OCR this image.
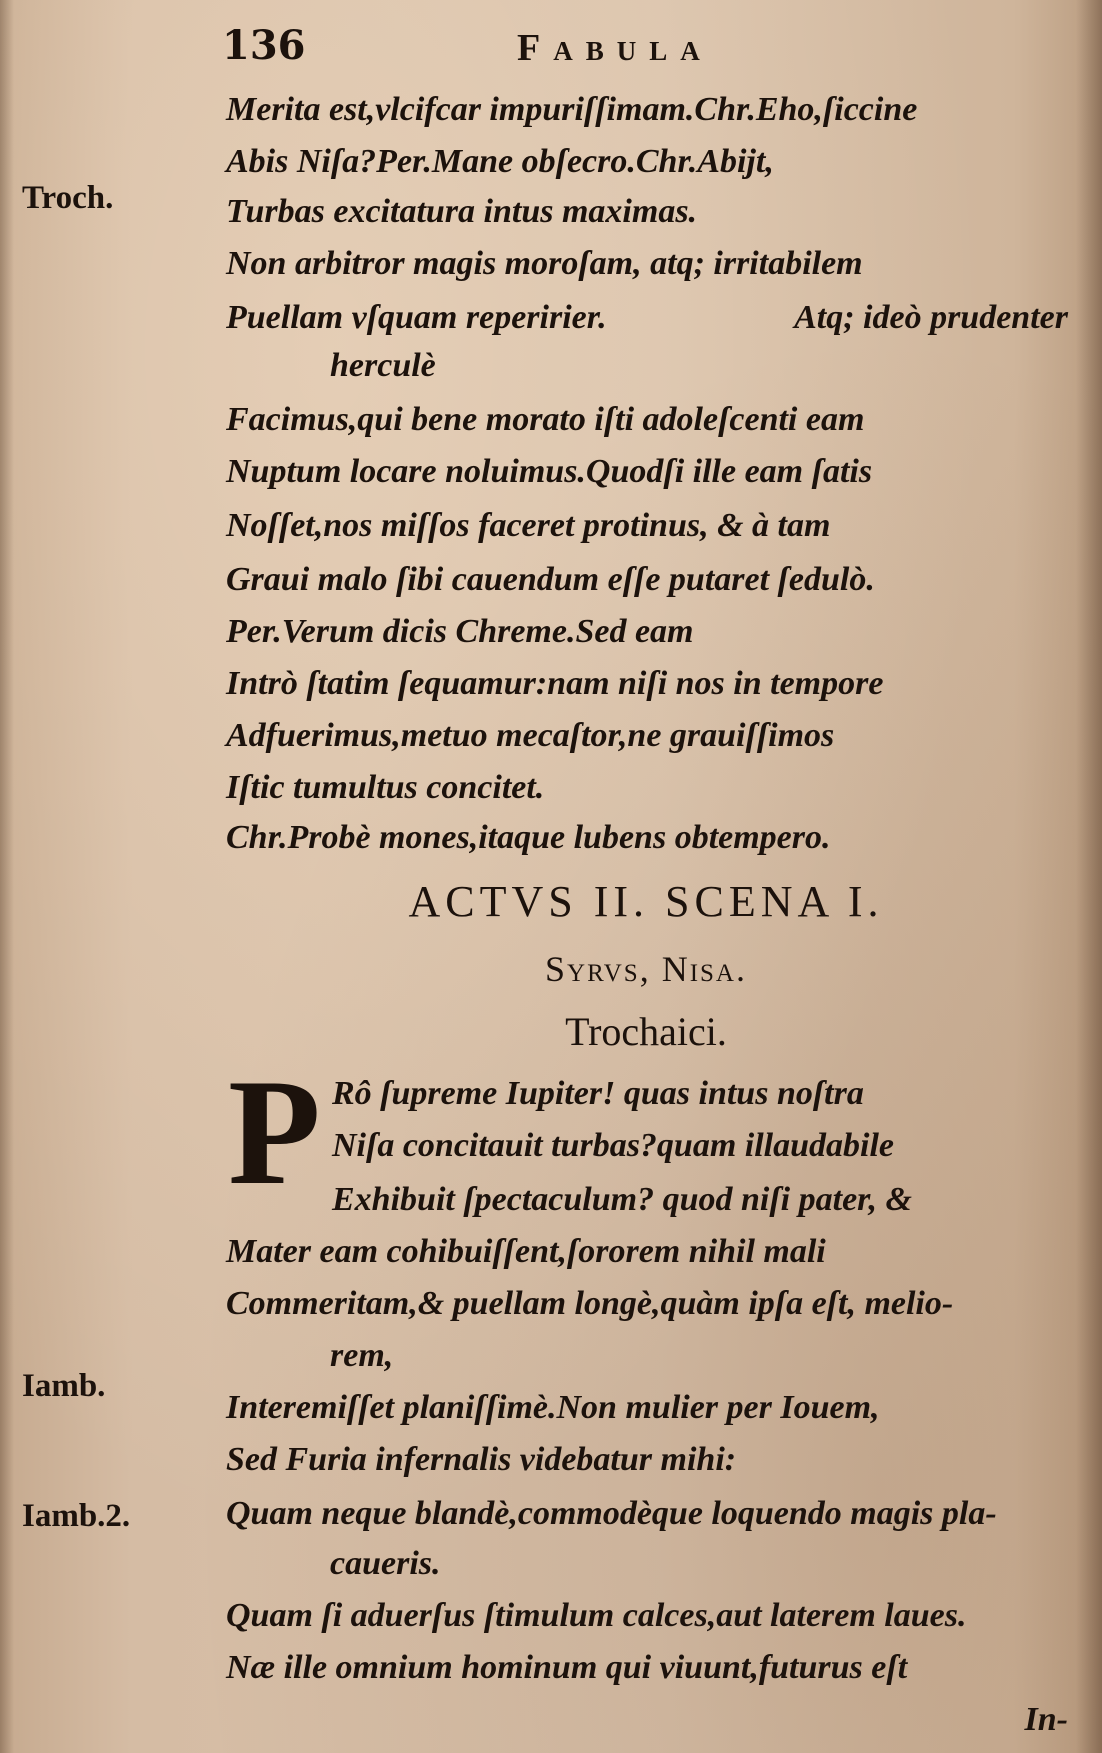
136	Fabula
Troch.
Iamb.
Iamb.2.
Merita est,vlcifcar impuriſſimam.Chr.Eho,ſiccine
Abis Niſa?Per.Mane obſecro.Chr.Abijt,
Turbas excitatura intus maximas.
Non arbitror magis moroſam, atq; irritabilem
Puellam vſquam reperirier.	Atq; ideò prudenter
herculè
Facimus,qui bene morato iſti adoleſcenti eam
Nuptum locare noluimus.Quodſi ille eam ſatis
Noſſet,nos miſſos faceret protinus, & à tam
Graui malo ſibi cauendum eſſe putaret ſedulò.
Per.Verum dicis Chreme.Sed eam
Intrò ſtatim ſequamur:nam niſi nos in tempore
Adfuerimus,metuo mecaſtor,ne grauiſſimos
Iſtic tumultus concitet.
Chr.Probè mones,itaque lubens obtempero.
ACTVS II. SCENA I.
Syrvs, Nisa.
Trochaici.
P Rô ſupreme Iupiter! quas intus noſtra
Niſa concitauit turbas?quam illaudabile
Exhibuit ſpectaculum? quod niſi pater, &
Mater eam cohibuiſſent,ſororem nihil mali
Commeritam,& puellam longè,quàm ipſa eſt, melio-
rem,
Interemiſſet planiſſimè.Non mulier per Iouem,
Sed Furia infernalis videbatur mihi:
Quam neque blandè,commodèque loquendo magis pla-
caueris.
Quam ſi aduerſus ſtimulum calces,aut laterem laues.
Næ ille omnium hominum qui viuunt,futurus eſt
In-
